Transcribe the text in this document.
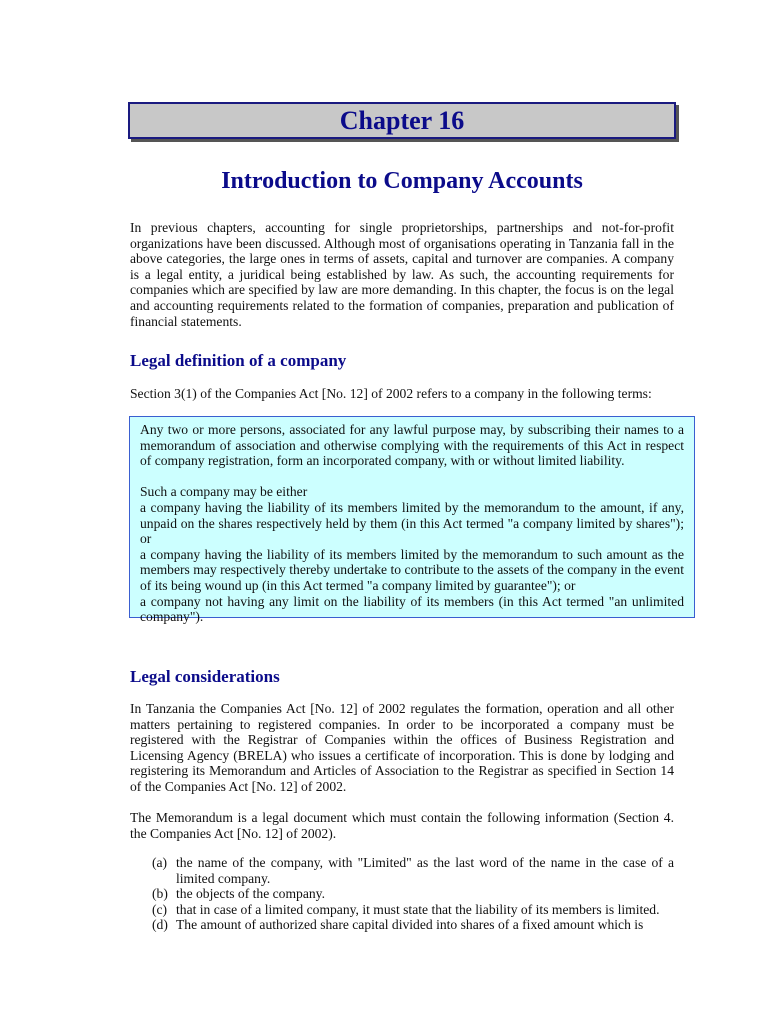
Chapter 16
Introduction to Company Accounts

In previous chapters, accounting for single proprietorships, partnerships and not-for-profit organizations have been discussed. Although most of organisations operating in Tanzania fall in the above categories, the large ones in terms of assets, capital and turnover are companies. A company is a legal entity, a juridical being established by law. As such, the accounting requirements for companies which are specified by law are more demanding. In this chapter, the focus is on the legal and accounting requirements related to the formation of companies, preparation and publication of financial statements.

Legal definition of a company

Section 3(1) of the Companies Act [No. 12] of 2002 refers to a company in the following terms:

Any two or more persons, associated for any lawful purpose may, by subscribing their names to a memorandum of association and otherwise complying with the requirements of this Act in respect of company registration, form an incorporated company, with or without limited liability.

Such a company may be either

a company having the liability of its members limited by the memorandum to the amount, if any, unpaid on the shares respectively held by them (in this Act termed "a company limited by shares"); or

a company having the liability of its members limited by the memorandum to such amount as the members may respectively thereby undertake to contribute to the assets of the company in the event of its being wound up (in this Act termed "a company limited by guarantee"); or

a company not having any limit on the liability of its members (in this Act termed "an unlimited company").

Legal considerations

In Tanzania the Companies Act [No. 12] of 2002 regulates the formation, operation and all other matters pertaining to registered companies. In order to be incorporated a company must be registered with the Registrar of Companies within the offices of Business Registration and Licensing Agency (BRELA) who issues a certificate of incorporation. This is done by lodging and registering its Memorandum and Articles of Association to the Registrar as specified in Section 14 of the Companies Act [No. 12] of 2002.

The Memorandum is a legal document which must contain the following information (Section 4. the Companies Act [No. 12] of 2002).

(a) the name of the company, with "Limited" as the last word of the name in the case of a limited company.
(b) the objects of the company.
(c) that in case of a limited company, it must state that the liability of its members is limited.
(d) The amount of authorized share capital divided into shares of a fixed amount which is
